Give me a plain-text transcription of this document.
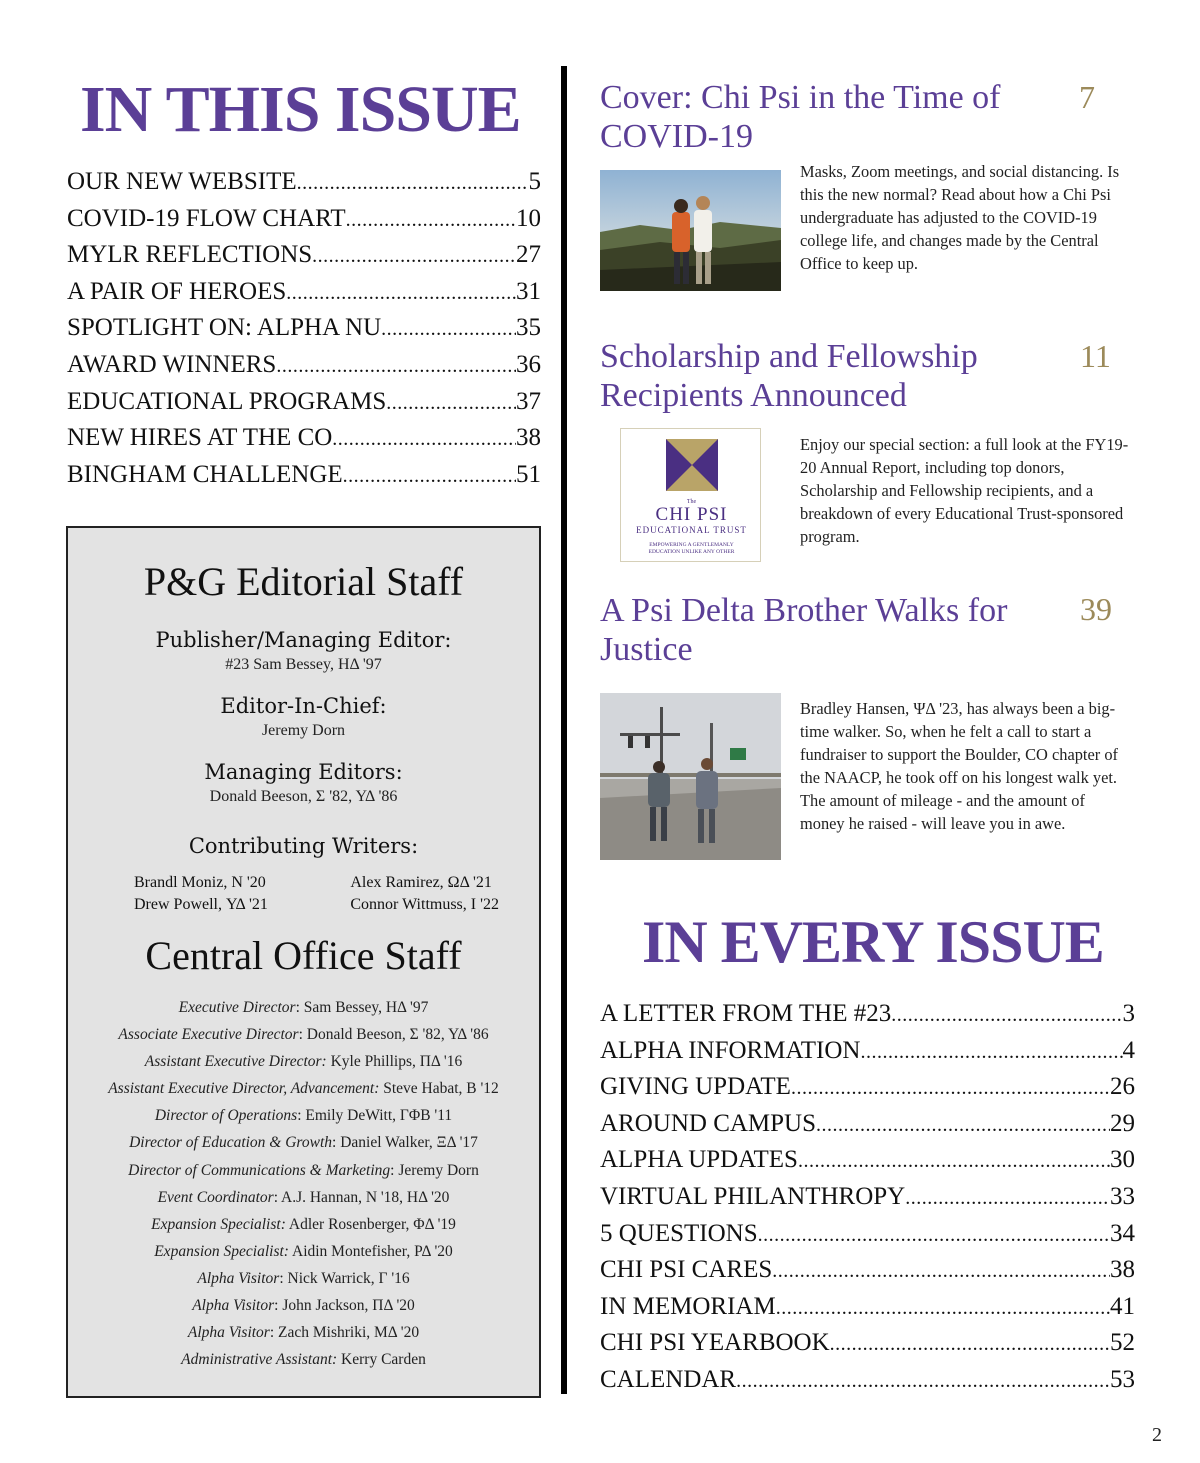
IN THIS ISSUE
OUR NEW WEBSITE .....	5
COVID-19 FLOW CHART .....	10
MYLR REFLECTIONS .....	27
A PAIR OF HEROES .....	31
SPOTLIGHT ON: ALPHA NU .....	35
AWARD WINNERS .....	36
EDUCATIONAL PROGRAMS .....	37
NEW HIRES AT THE CO .....	38
BINGHAM CHALLENGE .....	51
P&G Editorial Staff
Publisher/Managing Editor:
#23 Sam Bessey, ΗΔ '97
Editor-In-Chief:
Jeremy Dorn
Managing Editors:
Donald Beeson, Σ '82, ΥΔ '86
Contributing Writers:
Brandl Moniz, Ν '20
Drew Powell, ΥΔ '21
Alex Ramirez, ΩΔ '21
Connor Wittmuss, Ι '22
Central Office Staff
Executive Director: Sam Bessey, ΗΔ '97
Associate Executive Director: Donald Beeson, Σ '82, ΥΔ '86
Assistant Executive Director: Kyle Phillips, ΠΔ '16
Assistant Executive Director, Advancement: Steve Habat, Β '12
Director of Operations: Emily DeWitt, ΓΦΒ '11
Director of Education & Growth: Daniel Walker, ΞΔ '17
Director of Communications & Marketing: Jeremy Dorn
Event Coordinator: A.J. Hannan, Ν '18, ΗΔ '20
Expansion Specialist: Adler Rosenberger, ΦΔ '19
Expansion Specialist: Aidin Montefisher, ΡΔ '20
Alpha Visitor: Nick Warrick, Γ '16
Alpha Visitor: John Jackson, ΠΔ '20
Alpha Visitor: Zach Mishriki, ΜΔ '20
Administrative Assistant: Kerry Carden
Cover: Chi Psi in the Time of COVID-19
7
Masks, Zoom meetings, and social distancing. Is this the new normal? Read about how a Chi Psi undergraduate has adjusted to the COVID-19 college life, and changes made by the Central Office to keep up.
Scholarship and Fellowship Recipients Announced
11
The
CHI PSI
EDUCATIONAL TRUST
EMPOWERING A GENTLEMANLY
EDUCATION UNLIKE ANY OTHER
Enjoy our special section: a full look at the FY19-20 Annual Report, including top donors, Scholarship and Fellowship recipients, and a breakdown of every Educational Trust-sponsored program.
A Psi Delta Brother Walks for Justice
39
Bradley Hansen, ΨΔ '23, has always been a big-time walker. So, when he felt a call to start a fundraiser to support the Boulder, CO chapter of the NAACP, he took off on his longest walk yet. The amount of mileage - and the amount of money he raised - will leave you in awe.
IN EVERY ISSUE
A LETTER FROM THE #23 .....	3
ALPHA INFORMATION .....	4
GIVING UPDATE .....	26
AROUND CAMPUS .....	29
ALPHA UPDATES .....	30
VIRTUAL PHILANTHROPY .....	33
5 QUESTIONS .....	34
CHI PSI CARES .....	38
IN MEMORIAM .....	41
CHI PSI YEARBOOK .....	52
CALENDAR .....	53
2
